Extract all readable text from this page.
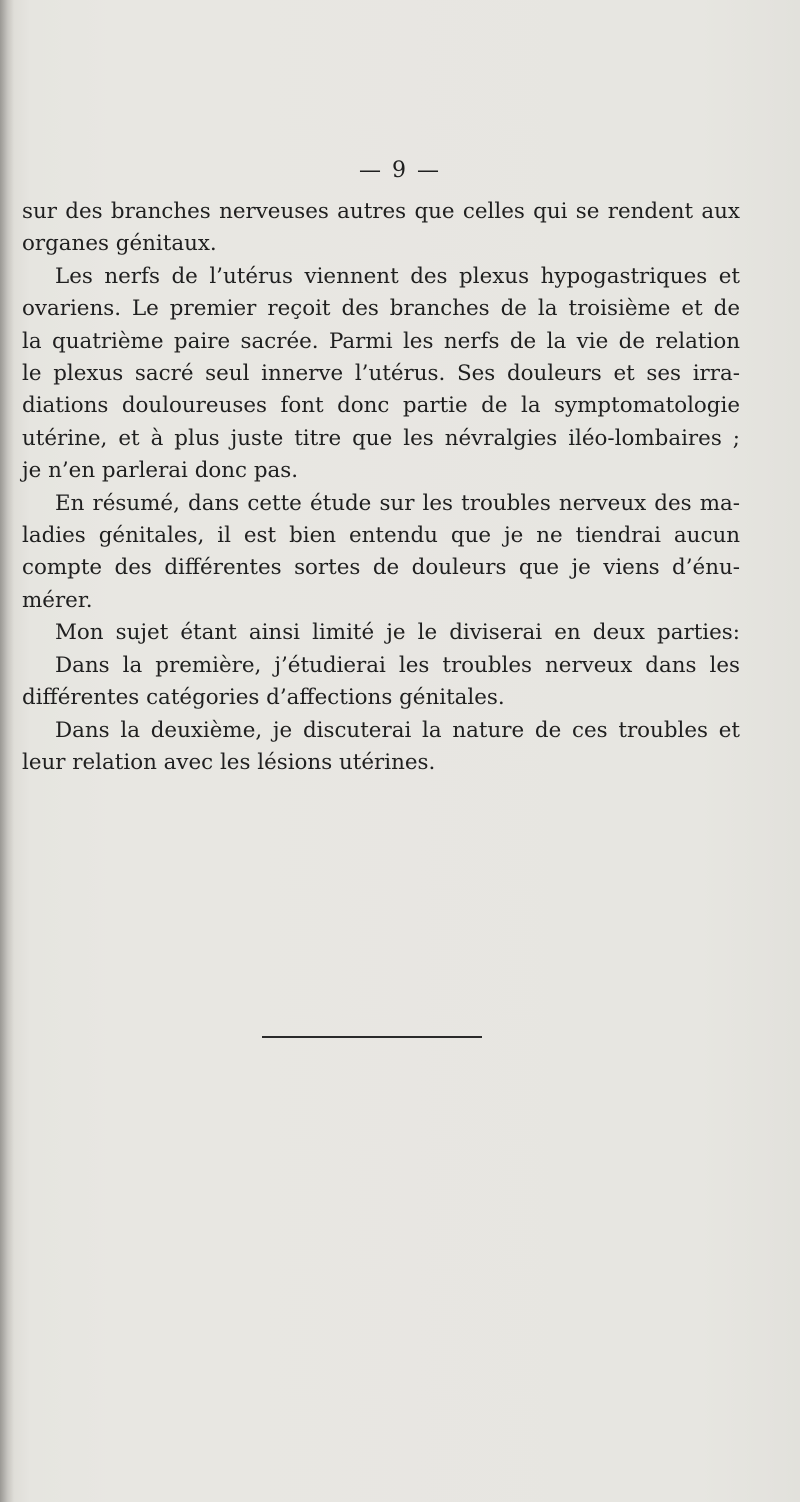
— 9 —
sur des branches nerveuses autres que celles qui se rendent aux
organes génitaux.
Les nerfs de l’utérus viennent des plexus hypogastriques et
ovariens. Le premier reçoit des branches de la troisième et de
la quatrième paire sacrée. Parmi les nerfs de la vie de relation
le plexus sacré seul innerve l’utérus. Ses douleurs et ses irra-
diations douloureuses font donc partie de la symptomatologie
utérine, et à plus juste titre que les névralgies iléo-lombaires ;
je n’en parlerai donc pas.
En résumé, dans cette étude sur les troubles nerveux des ma-
ladies génitales, il est bien entendu que je ne tiendrai aucun
compte des différentes sortes de douleurs que je viens d’énu-
mérer.
Mon sujet étant ainsi limité je le diviserai en deux parties:
Dans la première, j’étudierai les troubles nerveux dans les
différentes catégories d’affections génitales.
Dans la deuxième, je discuterai la nature de ces troubles et
leur relation avec les lésions utérines.
